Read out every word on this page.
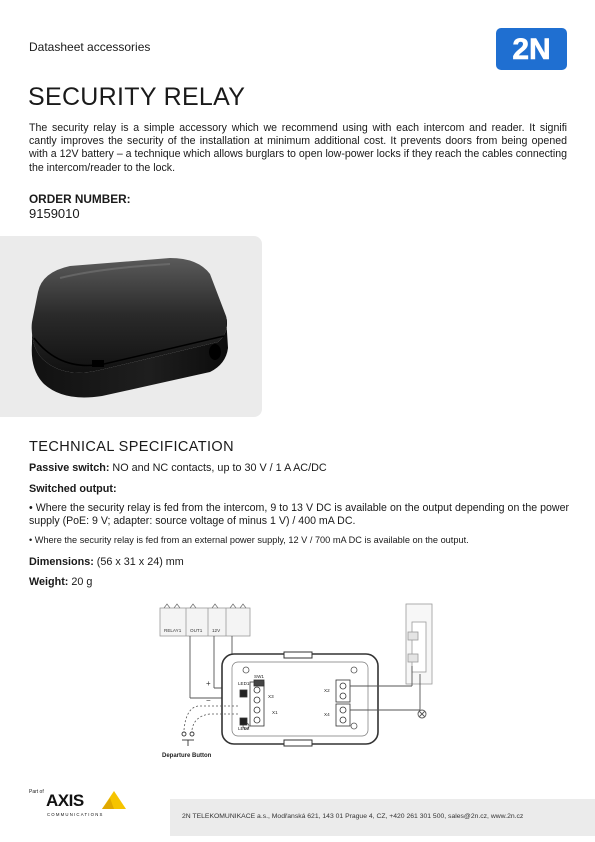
Datasheet accessories	2N
SECURITY RELAY

The security relay is a simple accessory which we recommend using with each intercom and reader. It signifi cantly improves the security of the installation at minimum additional cost. It prevents doors from being opened with a 12V battery – a technique which allows burglars to open low-power locks if they reach the cables connecting the intercom/reader to the lock.

ORDER NUMBER:
9159010
TECHNICAL SPECIFICATION
Passive switch: NO and NC contacts, up to 30 V / 1 A AC/DC
Switched output:

• Where the security relay is fed from the intercom, 9 to 13 V DC is available on the output depending on the power supply (PoE: 9 V; adapter: source voltage of minus 1 V) / 400 mA DC.

• Where the security relay is fed from an external power supply, 12 V / 700 mA DC is available on the output.

Dimensions: (56 x 31 x 24) mm
Weight: 20 g
RELAY1 OUT1 12V
+
−
LED1
LED2
SW1
X3
X1
X2
X4
Departure Button
Part of AXIS
COMMUNICATIONS	2N TELEKOMUNIKACE a.s., Modřanská 621, 143 01 Prague 4, CZ, +420 261 301 500, sales@2n.cz, www.2n.cz
